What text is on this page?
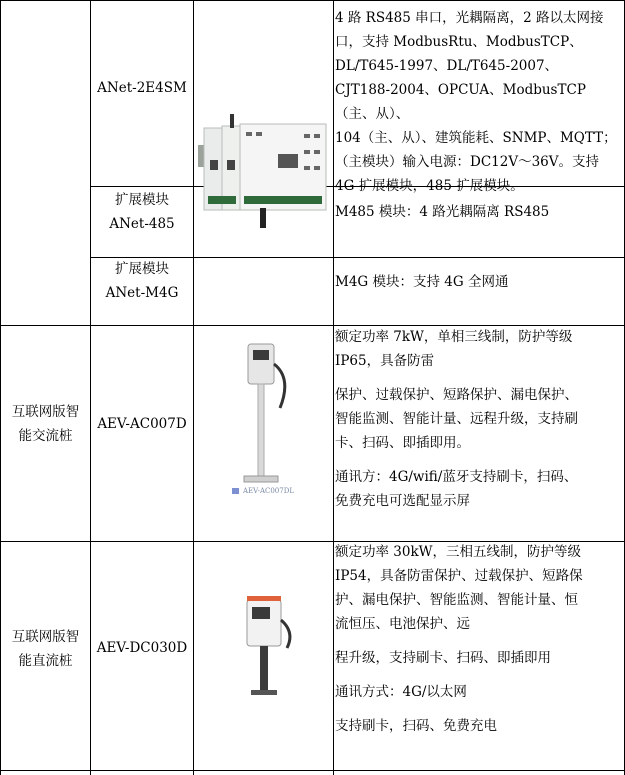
ANet-2E4SM

4 路 RS485 串口，光耦隔离，2 路以太网接

口，支持 ModbusRtu、ModbusTCP、

DL/T645-1997、DL/T645-2007、

CJT188-2004、OPCUA、ModbusTCP（主、从）、

104（主、从）、建筑能耗、SNMP、MQTT；

（主模块）输入电源：DC12V～36V。支持

4G 扩展模块，485 扩展模块。

扩展模块
ANet-485

M485 模块：4 路光耦隔离 RS485

扩展模块
ANet-M4G

M4G 模块：支持 4G 全网通

互联网版智
能交流桩
AEV-AC007D
AEV-AC007DL

额定功率 7kW，单相三线制，防护等级

IP65，具备防雷

保护、过载保护、短路保护、漏电保护、

智能监测、智能计量、远程升级，支持刷

卡、扫码、即插即用。

通讯方：4G/wifi/蓝牙支持刷卡，扫码、

免费充电可选配显示屏

互联网版智
能直流桩
AEV-DC030D

额定功率 30kW，三相五线制，防护等级

IP54，具备防雷保护、过载保护、短路保

护、漏电保护、智能监测、智能计量、恒

流恒压、电池保护、远

程升级，支持刷卡、扫码、即插即用

通讯方式：4G/以太网

支持刷卡，扫码、免费充电
